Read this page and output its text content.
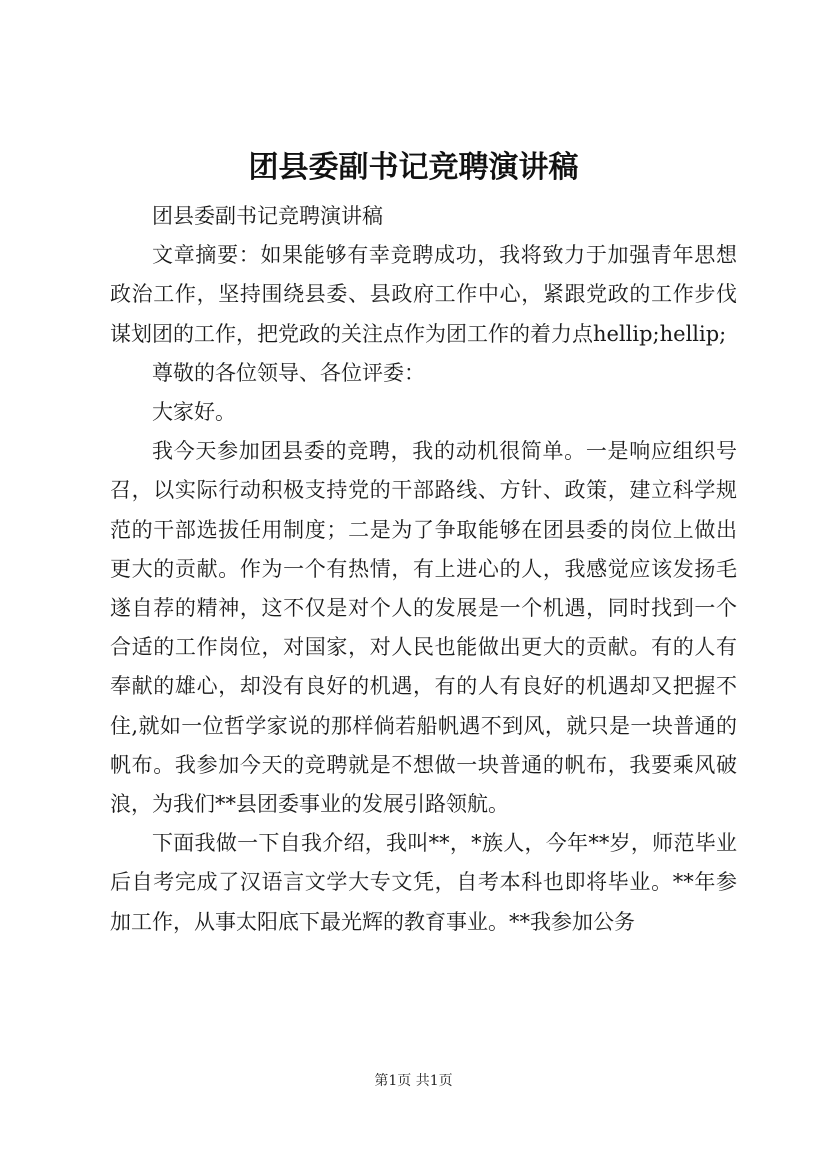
团县委副书记竞聘演讲稿

团县委副书记竞聘演讲稿

文章摘要：如果能够有幸竞聘成功，我将致力于加强青年思想政治工作，坚持围绕县委、县政府工作中心，紧跟党政的工作步伐谋划团的工作，把党政的关注点作为团工作的着力点hellip;hellip;

尊敬的各位领导、各位评委：

大家好。

我今天参加团县委的竞聘，我的动机很简单。一是响应组织号召，以实际行动积极支持党的干部路线、方针、政策，建立科学规范的干部选拔任用制度；二是为了争取能够在团县委的岗位上做出更大的贡献。作为一个有热情，有上进心的人，我感觉应该发扬毛遂自荐的精神，这不仅是对个人的发展是一个机遇，同时找到一个合适的工作岗位，对国家，对人民也能做出更大的贡献。有的人有奉献的雄心，却没有良好的机遇，有的人有良好的机遇却又把握不住,就如一位哲学家说的那样倘若船帆遇不到风，就只是一块普通的帆布。我参加今天的竞聘就是不想做一块普通的帆布，我要乘风破浪，为我们**县团委事业的发展引路领航。

下面我做一下自我介绍，我叫**，*族人，今年**岁，师范毕业后自考完成了汉语言文学大专文凭，自考本科也即将毕业。**年参加工作，从事太阳底下最光辉的教育事业。**我参加公务

第1页 共1页
